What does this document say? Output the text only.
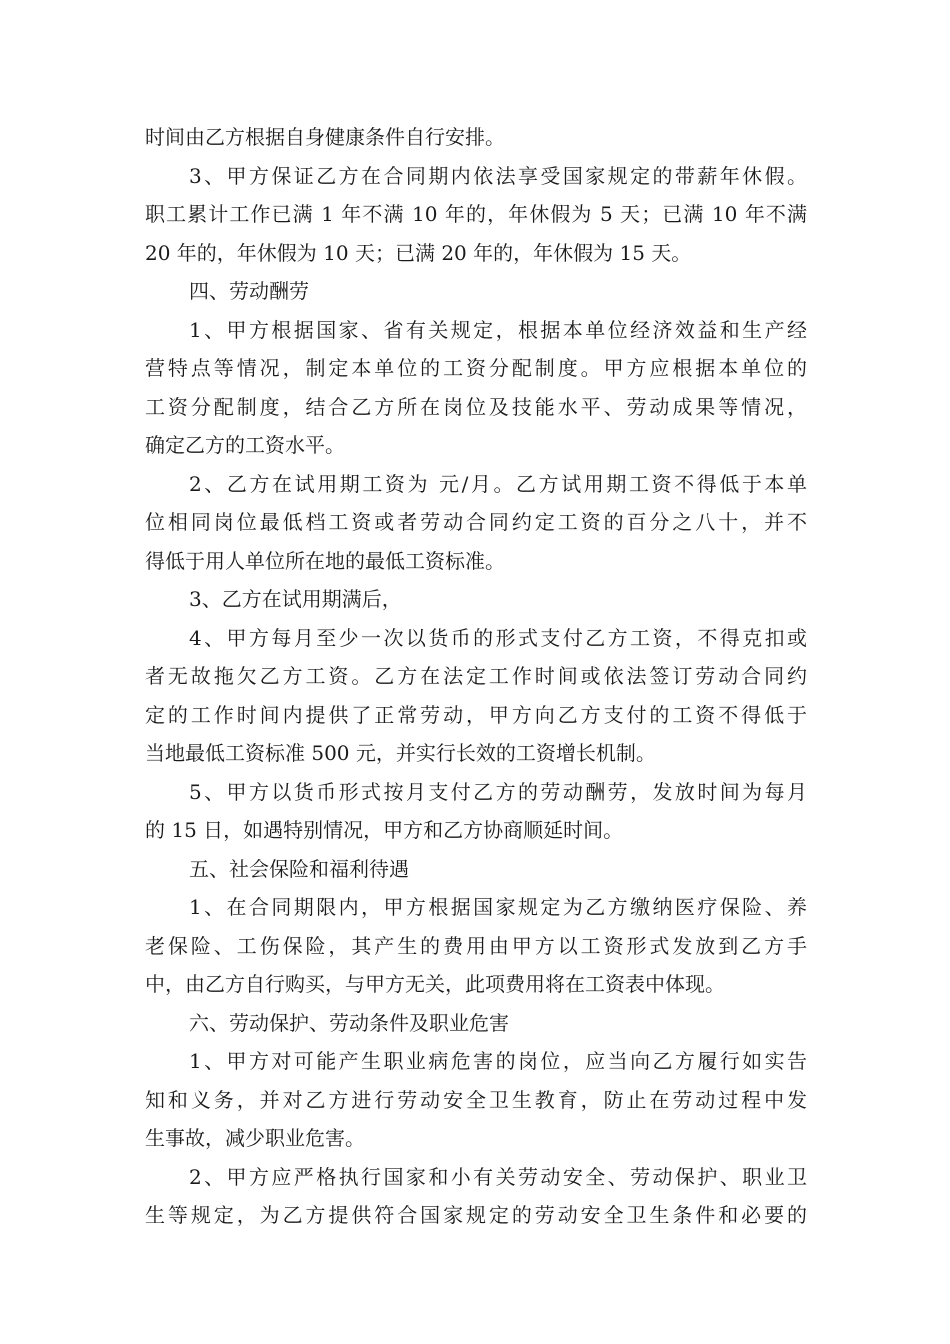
时间由乙方根据自身健康条件自行安排。
3、甲方保证乙方在合同期内依法享受国家规定的带薪年休假。
职工累计工作已满 1 年不满 10 年的，年休假为 5 天；已满 10 年不满
20 年的，年休假为 10 天；已满 20 年的，年休假为 15 天。
四、劳动酬劳
1、甲方根据国家、省有关规定，根据本单位经济效益和生产经
营特点等情况，制定本单位的工资分配制度。甲方应根据本单位的
工资分配制度，结合乙方所在岗位及技能水平、劳动成果等情况，
确定乙方的工资水平。
2、乙方在试用期工资为 元/月。乙方试用期工资不得低于本单
位相同岗位最低档工资或者劳动合同约定工资的百分之八十，并不
得低于用人单位所在地的最低工资标准。
3、乙方在试用期满后，
4、甲方每月至少一次以货币的形式支付乙方工资，不得克扣或
者无故拖欠乙方工资。乙方在法定工作时间或依法签订劳动合同约
定的工作时间内提供了正常劳动，甲方向乙方支付的工资不得低于
当地最低工资标准 500 元，并实行长效的工资增长机制。
5、甲方以货币形式按月支付乙方的劳动酬劳，发放时间为每月
的 15 日，如遇特别情况，甲方和乙方协商顺延时间。
五、社会保险和福利待遇
1、在合同期限内，甲方根据国家规定为乙方缴纳医疗保险、养
老保险、工伤保险，其产生的费用由甲方以工资形式发放到乙方手
中，由乙方自行购买，与甲方无关，此项费用将在工资表中体现。
六、劳动保护、劳动条件及职业危害
1、甲方对可能产生职业病危害的岗位，应当向乙方履行如实告
知和义务，并对乙方进行劳动安全卫生教育，防止在劳动过程中发
生事故，减少职业危害。
2、甲方应严格执行国家和小有关劳动安全、劳动保护、职业卫
生等规定，为乙方提供符合国家规定的劳动安全卫生条件和必要的
